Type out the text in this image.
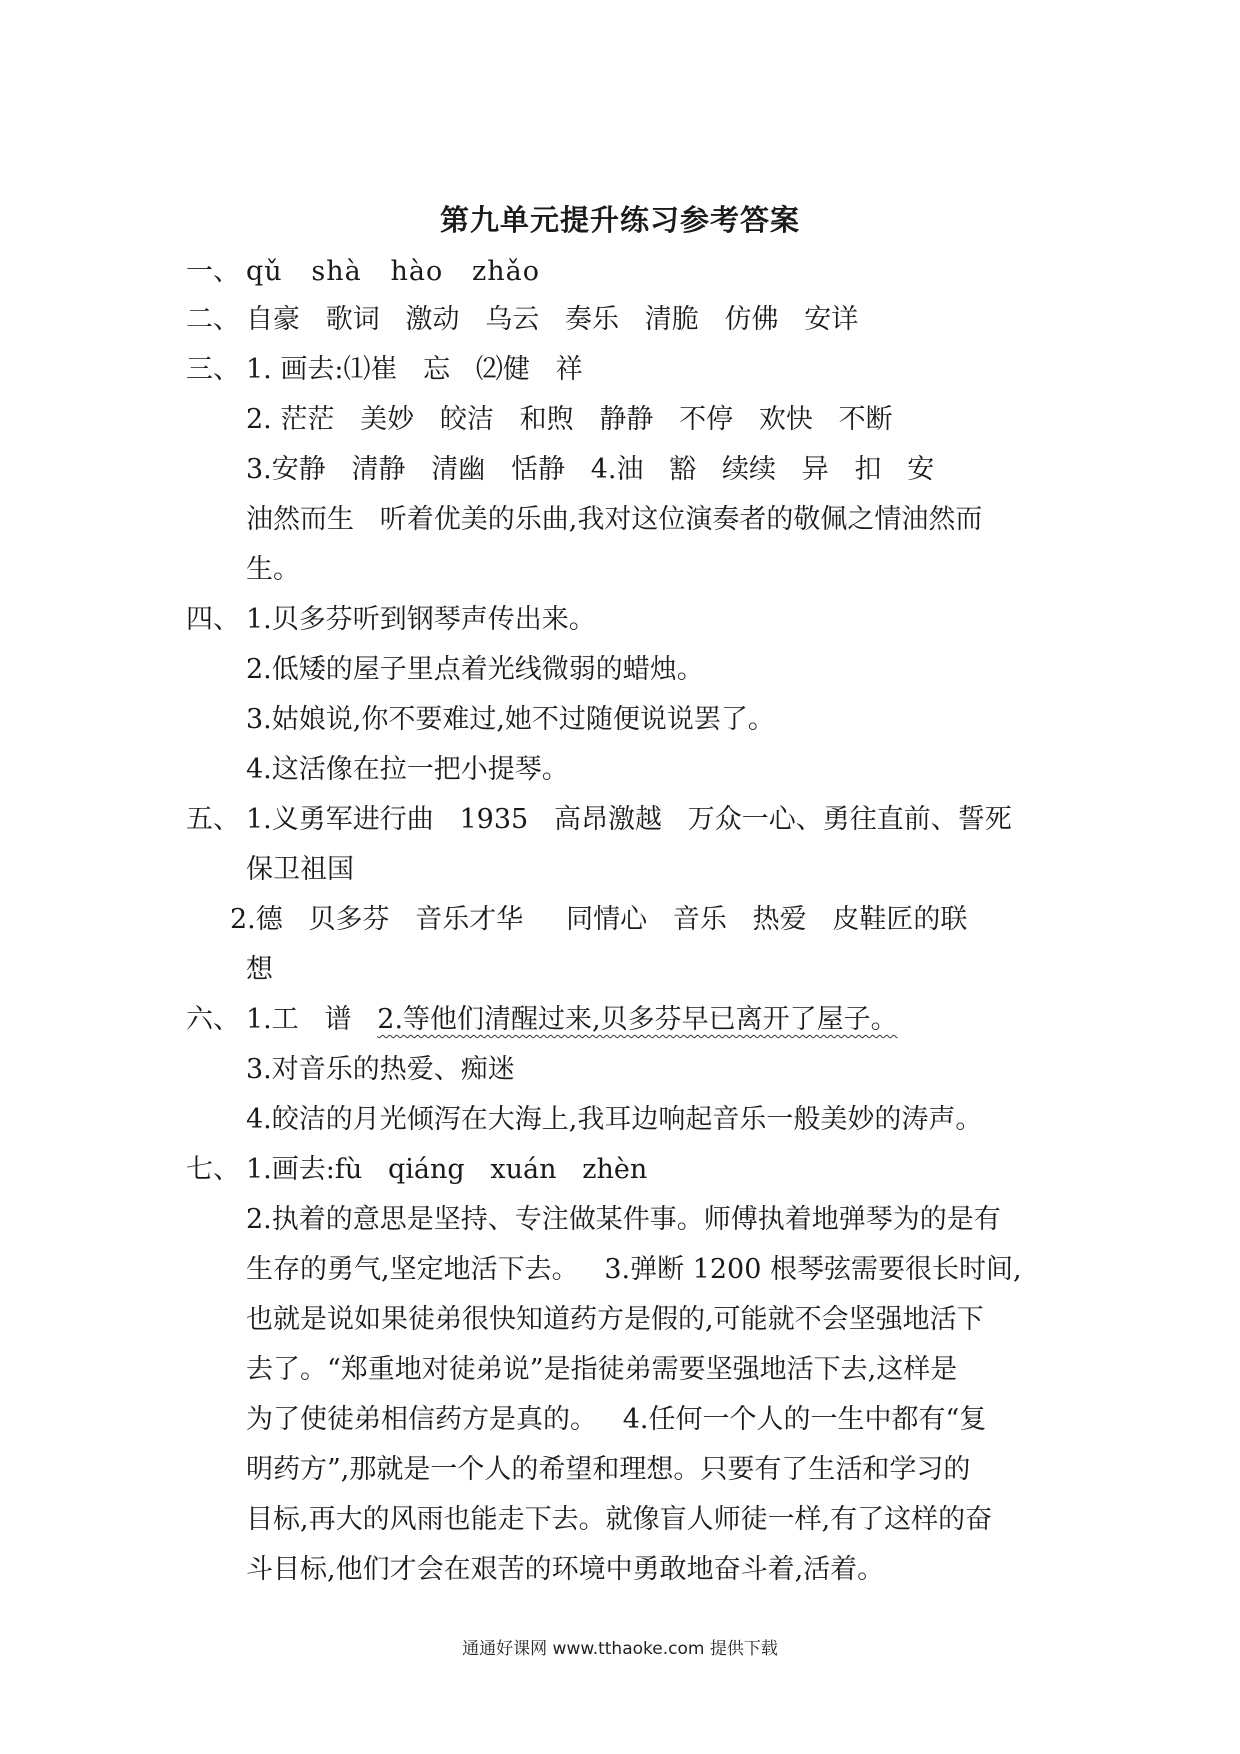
第九单元提升练习参考答案
一、 qǔ   shà   hào   zhǎo
二、 自豪   歌词   激动   乌云   奏乐   清脆   仿佛   安详
三、 1. 画去:⑴崔   忘   ⑵健   祥
2. 茫茫   美妙   皎洁   和煦   静静   不停   欢快   不断
3.安静   清静   清幽   恬静   4.油   豁   续续   异   扣   安
油然而生   听着优美的乐曲,我对这位演奏者的敬佩之情油然而
生。
四、 1.贝多芬听到钢琴声传出来。
2.低矮的屋子里点着光线微弱的蜡烛。
3.姑娘说,你不要难过,她不过随便说说罢了。
4.这活像在拉一把小提琴。
五、 1.义勇军进行曲   1935   高昂激越   万众一心、勇往直前、誓死
保卫祖国
2.德   贝多芬   音乐才华     同情心   音乐   热爱   皮鞋匠的联
想
六、 1.工   谱   2.等他们清醒过来,贝多芬早已离开了屋子。
3.对音乐的热爱、痴迷
4.皎洁的月光倾泻在大海上,我耳边响起音乐一般美妙的涛声。
七、 1.画去:fù   qiáng   xuán   zhèn
2.执着的意思是坚持、专注做某件事。师傅执着地弹琴为的是有
生存的勇气,坚定地活下去。   3.弹断 1200 根琴弦需要很长时间,
也就是说如果徒弟很快知道药方是假的,可能就不会坚强地活下
去了。“郑重地对徒弟说”是指徒弟需要坚强地活下去,这样是
为了使徒弟相信药方是真的。   4.任何一个人的一生中都有“复
明药方”,那就是一个人的希望和理想。只要有了生活和学习的
目标,再大的风雨也能走下去。就像盲人师徒一样,有了这样的奋
斗目标,他们才会在艰苦的环境中勇敢地奋斗着,活着。
通通好课网 www.tthaoke.com 提供下载
